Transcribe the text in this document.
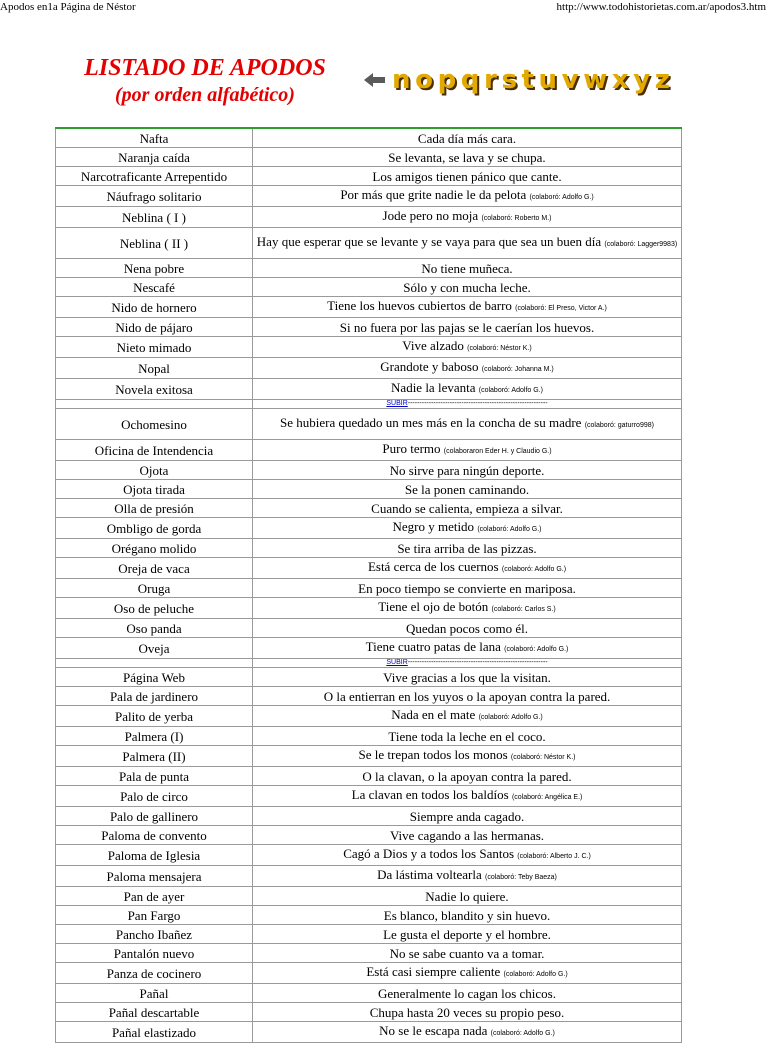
Apodos en1a Página de Néstor	http://www.todohistorietas.com.ar/apodos3.htm
LISTADO DE APODOS
(por orden alfabético)	n o p q r s t u v w x y z
Nafta	Cada día más cara.
Naranja caída	Se levanta, se lava y se chupa.
Narcotraficante Arrepentido	Los amigos tienen pánico que cante.
Náufrago solitario	Por más que grite nadie le da pelota (colaboró: Adolfo G.)
Neblina ( I )	Jode pero no moja (colaboró: Roberto M.)
Neblina ( II )	Hay que esperar que se levante y se vaya para que sea un buen día (colaboró: Lagger9983)
Nena pobre	No tiene muñeca.
Nescafé	Sólo y con mucha leche.
Nido de hornero	Tiene los huevos cubiertos de barro (colaboró: El Preso, Victor A.)
Nido de pájaro	Si no fuera por las pajas se le caerían los huevos.
Nieto mimado	Vive alzado (colaboró: Néstor K.)
Nopal	Grandote y baboso (colaboró: Johanna M.)
Novela exitosa	Nadie la levanta (colaboró: Adolfo G.)
	SUBIR------------------------------------------------------------
Ochomesino	Se hubiera quedado un mes más en la concha de su madre (colaboró: gaturro998)
Oficina de Intendencia	Puro termo (colaboraron Eder H. y Claudio G.)
Ojota	No sirve para ningún deporte.
Ojota tirada	Se la ponen caminando.
Olla de presión	Cuando se calienta, empieza a silvar.
Ombligo de gorda	Negro y metido (colaboró: Adolfo G.)
Orégano molido	Se tira arriba de las pizzas.
Oreja de vaca	Está cerca de los cuernos (colaboró: Adolfo G.)
Oruga	En poco tiempo se convierte en mariposa.
Oso de peluche	Tiene el ojo de botón (colaboró: Carlos S.)
Oso panda	Quedan pocos como él.
Oveja	Tiene cuatro patas de lana (colaboró: Adolfo G.)
	SUBIR------------------------------------------------------------
Página Web	Vive gracias a los que la visitan.
Pala de jardinero	O la entierran en los yuyos o la apoyan contra la pared.
Palito de yerba	Nada en el mate (colaboró: Adolfo G.)
Palmera (I)	Tiene toda la leche en el coco.
Palmera (II)	Se le trepan todos los monos (colaboró: Néstor K.)
Pala de punta	O la clavan, o la apoyan contra la pared.
Palo de circo	La clavan en todos los baldíos (colaboró: Angélica E.)
Palo de gallinero	Siempre anda cagado.
Paloma de convento	Vive cagando a las hermanas.
Paloma de Iglesia	Cagó a Dios y a todos los Santos (colaboró: Alberto J. C.)
Paloma mensajera	Da lástima voltearla (colaboró: Teby Baeza)
Pan de ayer	Nadie lo quiere.
Pan Fargo	Es blanco, blandito y sin huevo.
Pancho Ibañez	Le gusta el deporte y el hombre.
Pantalón nuevo	No se sabe cuanto va a tomar.
Panza de cocinero	Está casi siempre caliente (colaboró: Adolfo G.)
Pañal	Generalmente lo cagan los chicos.
Pañal descartable	Chupa hasta 20 veces su propio peso.
Pañal elastizado	No se le escapa nada (colaboró: Adolfo G.)
